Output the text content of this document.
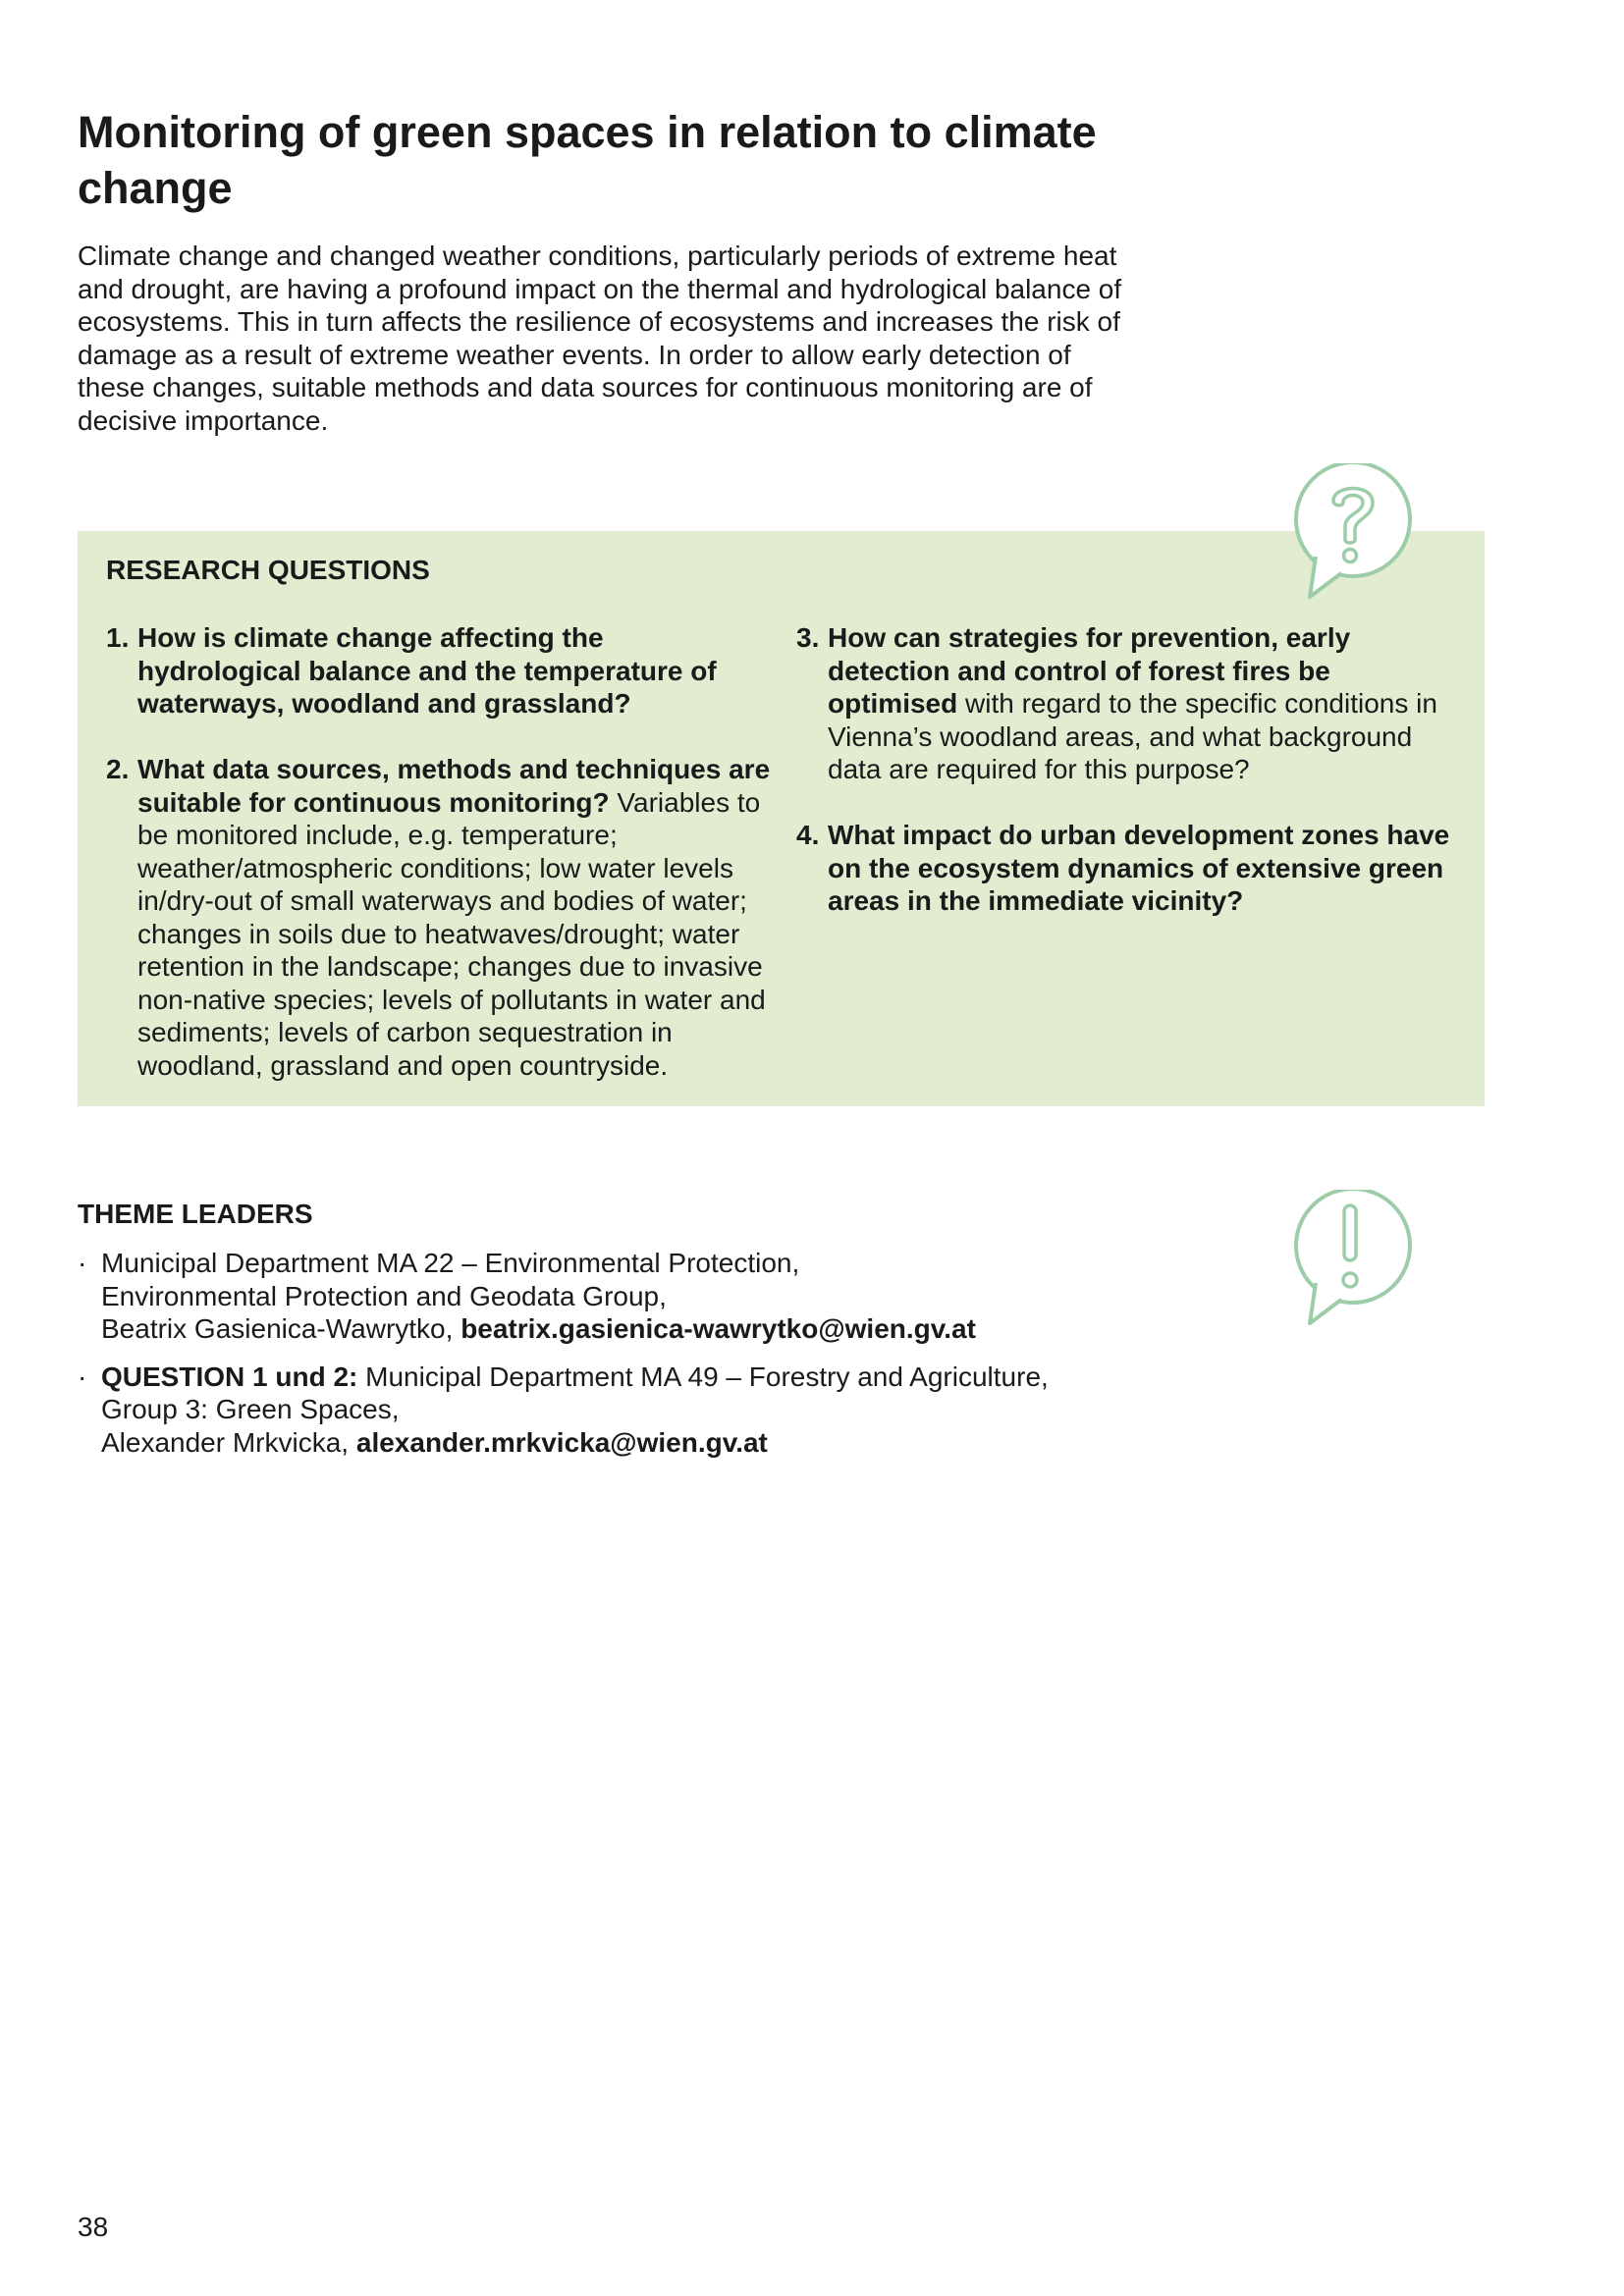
Monitoring of green spaces in relation to climate change

Climate change and changed weather conditions, particularly periods of extreme heat and drought, are having a profound impact on the thermal and hydrological balance of ecosystems. This in turn affects the resilience of ecosystems and increases the risk of damage as a result of extreme weather events. In order to allow early detection of these changes, suitable methods and data sources for continuous monitoring are of decisive importance.

RESEARCH QUESTIONS
1. How is climate change affecting the hydrological balance and the temperature of waterways, woodland and grassland?
2. What data sources, methods and techniques are suitable for continuous monitoring? Variables to be monitored include, e.g. temperature; weather/atmospheric conditions; low water levels in/dry-out of small waterways and bodies of water; changes in soils due to heatwaves/drought; water retention in the landscape; changes due to invasive non-native species; levels of pollutants in water and sediments; levels of carbon sequestration in woodland, grassland and open countryside.
3. How can strategies for prevention, early detection and control of forest fires be optimised with regard to the specific conditions in Vienna’s woodland areas, and what background data are required for this purpose?
4. What impact do urban development zones have on the ecosystem dynamics of extensive green areas in the immediate vicinity?
THEME LEADERS
· Municipal Department MA 22 – Environmental Protection,
Environmental Protection and Geodata Group,
Beatrix Gasienica-Wawrytko, beatrix.gasienica-wawrytko@wien.gv.at
· QUESTION 1 und 2: Municipal Department MA 49 – Forestry and Agriculture,
Group 3: Green Spaces,
Alexander Mrkvicka, alexander.mrkvicka@wien.gv.at
38
